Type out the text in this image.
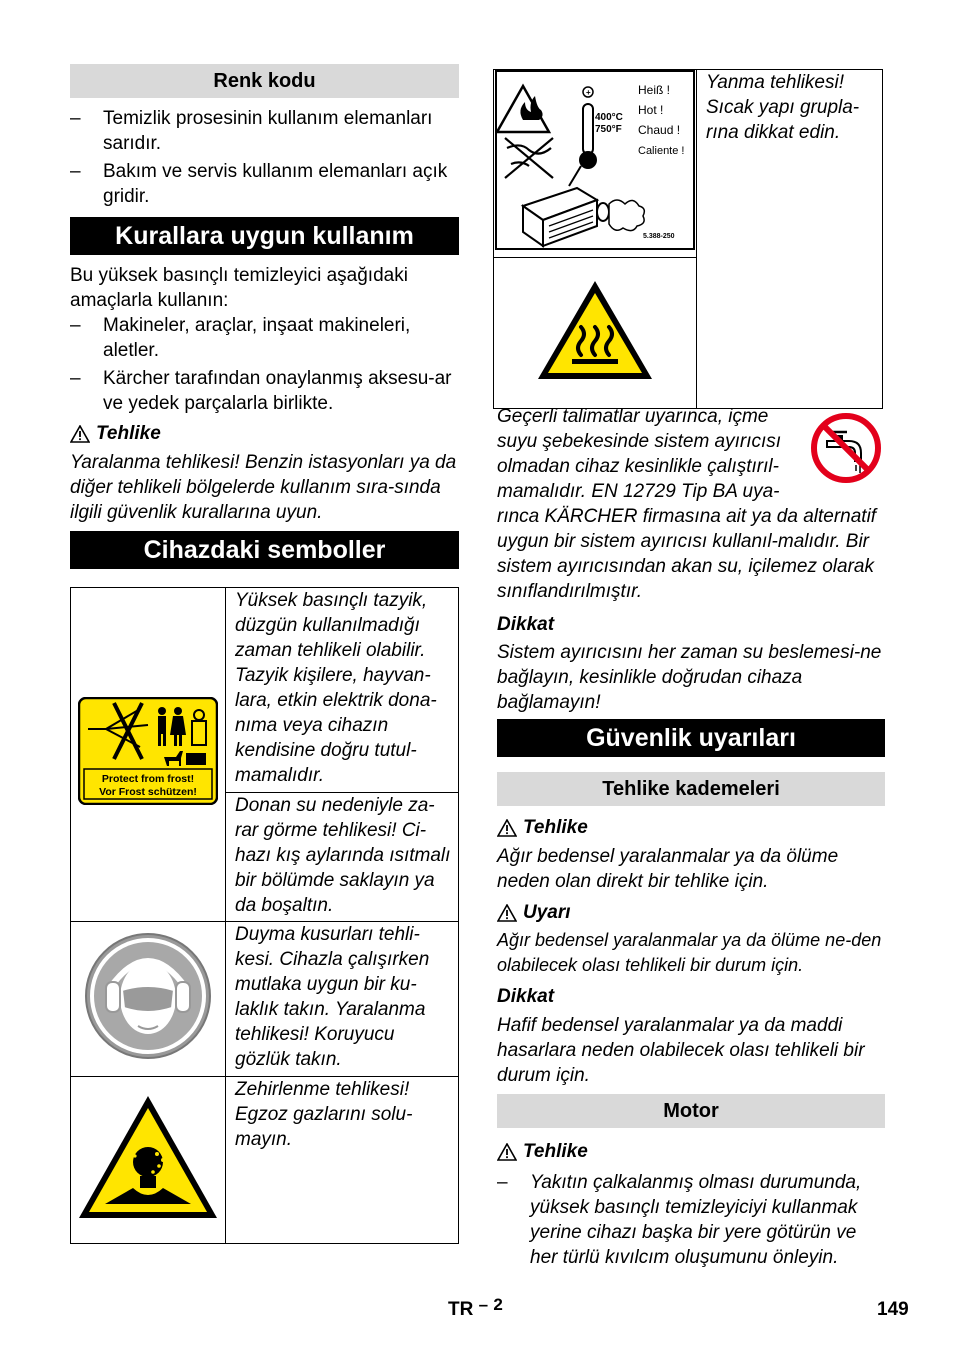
Renk kodu
– Temizlik prosesinin kullanım elemanları sarıdır.
– Bakım ve servis kullanım elemanları açık gridir.
Kurallara uygun kullanım

Bu yüksek basınçlı temizleyici aşağıdaki amaçlarla kullanın:

– Makineler, araçlar, inşaat makineleri, aletler.
– Kärcher tarafından onaylanmış aksesu-ar ve yedek parçalarla birlikte.
Tehlike

Yaralanma tehlikesi! Benzin istasyonları ya da diğer tehlikeli bölgelerde kullanım sıra-sında ilgili güvenlik kurallarına uyun.

Cihazdaki semboller
Protect from frost!
Vor Frost schützen!	Yüksek basınçlı tazyik, düzgün kullanılmadığı zaman tehlikeli olabilir. Tazyik kişilere, hayvan-lara, etkin elektrik dona-nıma veya cihazın kendisine doğru tutul-mamalıdır.
	Donan su nedeniyle za-rar görme tehlikesi! Ci-hazı kış aylarında ısıtmalı bir bölümde saklayın ya da boşaltın.
	Duyma kusurları tehli-kesi. Cihazla çalışırken mutlaka uygun bir ku-laklık takın. Yaralanma tehlikesi! Koruyucu gözlük takın.
	Zehirlenme tehlikesi! Egzoz gazlarını solu-mayın.
+
400°C
750°F
Heiß !
Hot !
Chaud !
Caliente !
5.388-250
	Yanma tehlikesi! Sıcak yapı grupla-rına dikkat edin.

Geçerli talimatlar uyarınca, içme suyu şebekesinde sistem ayırıcısı olmadan cihaz kesinlikle çalıştırıl-mamalıdır. EN 12729 Tip BA uya-rınca KÄRCHER firmasına ait ya da alternatif uygun bir sistem ayırıcısı kullanıl-malıdır. Bir sistem ayırıcısından akan su, içilemez olarak sınıflandırılmıştır.

Dikkat

Sistem ayırıcısını her zaman su beslemesi-ne bağlayın, kesinlikle doğrudan cihaza bağlamayın!

Güvenlik uyarıları
Tehlike kademeleri
Tehlike

Ağır bedensel yaralanmalar ya da ölüme neden olan direkt bir tehlike için.

Uyarı

Ağır bedensel yaralanmalar ya da ölüme ne-den olabilecek olası tehlikeli bir durum için.

Dikkat

Hafif bedensel yaralanmalar ya da maddi hasarlara neden olabilecek olası tehlikeli bir durum için.

Motor
Tehlike
– Yakıtın çalkalanmış olması durumunda, yüksek basınçlı temizleyiciyi kullanmak yerine cihazı başka bir yere götürün ve her türlü kıvılcım oluşumunu önleyin.
TR – 2	149
